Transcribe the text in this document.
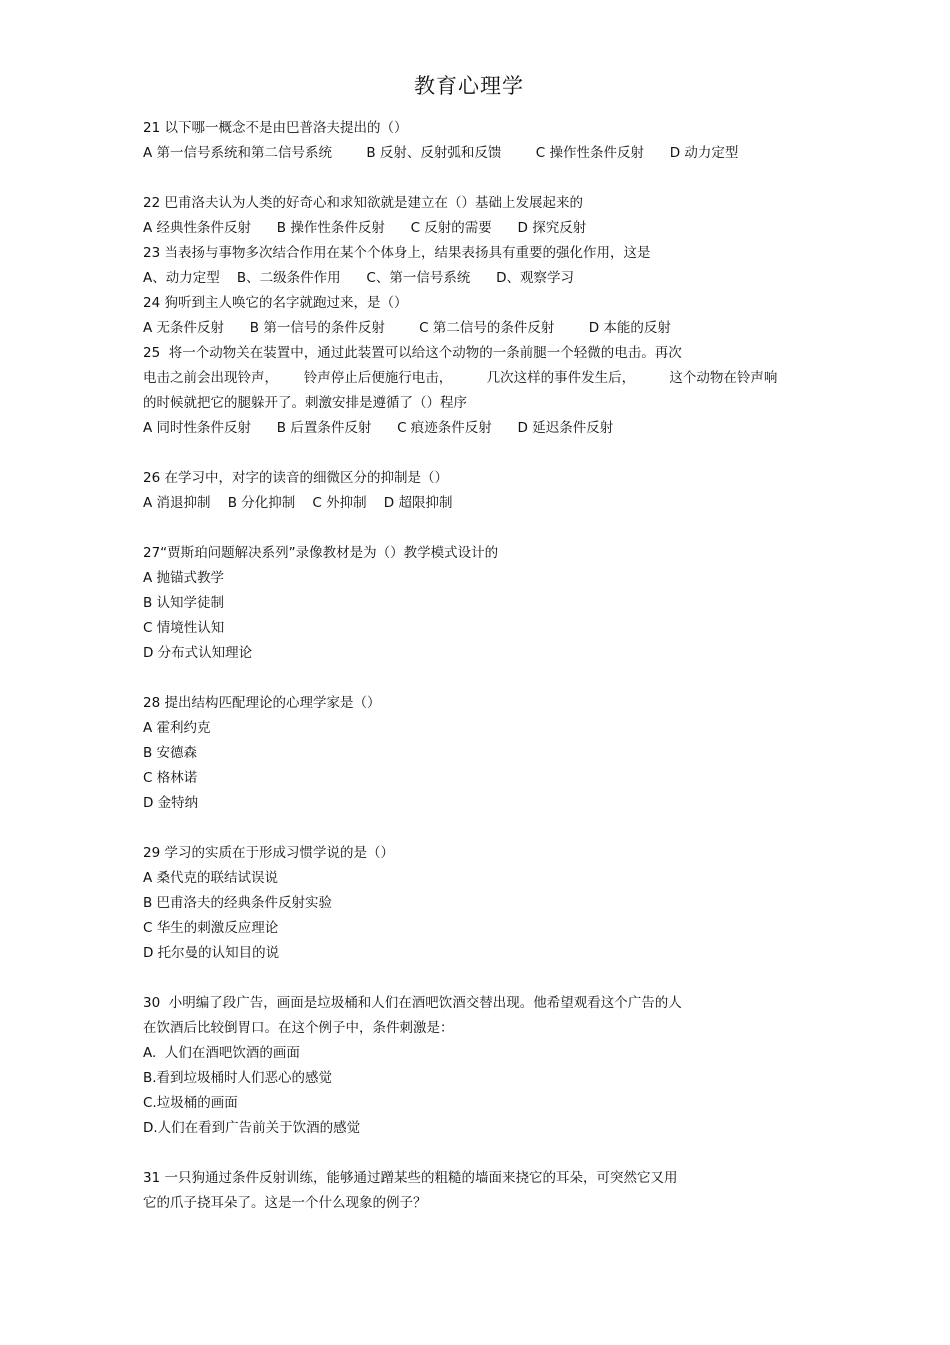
教育心理学
21 以下哪一概念不是由巴普洛夫提出的（）
A 第一信号系统和第二信号系统        B 反射、反射弧和反馈        C 操作性条件反射      D 动力定型
22 巴甫洛夫认为人类的好奇心和求知欲就是建立在（）基础上发展起来的
A 经典性条件反射      B 操作性条件反射      C 反射的需要      D 探究反射
23 当表扬与事物多次结合作用在某个个体身上，结果表扬具有重要的强化作用，这是
A、动力定型    B、二级条件作用      C、第一信号系统      D、观察学习
24 狗听到主人唤它的名字就跑过来，是（）
A 无条件反射      B 第一信号的条件反射        C 第二信号的条件反射        D 本能的反射
25  将一个动物关在装置中，通过此装置可以给这个动物的一条前腿一个轻微的电击。再次
电击之前会出现铃声，      铃声停止后便施行电击，        几次这样的事件发生后，        这个动物在铃声响
的时候就把它的腿躲开了。刺激安排是遵循了（）程序
A 同时性条件反射      B 后置条件反射      C 痕迹条件反射      D 延迟条件反射
26 在学习中，对字的读音的细微区分的抑制是（）
A 消退抑制    B 分化抑制    C 外抑制    D 超限抑制
27“贾斯珀问题解决系列”录像教材是为（）教学模式设计的
A 抛锚式教学
B 认知学徒制
C 情境性认知
D 分布式认知理论
28 提出结构匹配理论的心理学家是（）
A 霍利约克
B 安德森
C 格林诺
D 金特纳
29 学习的实质在于形成习惯学说的是（）
A 桑代克的联结试误说
B 巴甫洛夫的经典条件反射实验
C 华生的刺激反应理论
D 托尔曼的认知目的说
30  小明编了段广告，画面是垃圾桶和人们在酒吧饮酒交替出现。他希望观看这个广告的人
在饮酒后比较倒胃口。在这个例子中，条件刺激是：
A.  人们在酒吧饮酒的画面
B.看到垃圾桶时人们恶心的感觉
C.垃圾桶的画面
D.人们在看到广告前关于饮酒的感觉
31 一只狗通过条件反射训练，能够通过蹭某些的粗糙的墙面来挠它的耳朵，可突然它又用
它的爪子挠耳朵了。这是一个什么现象的例子？
